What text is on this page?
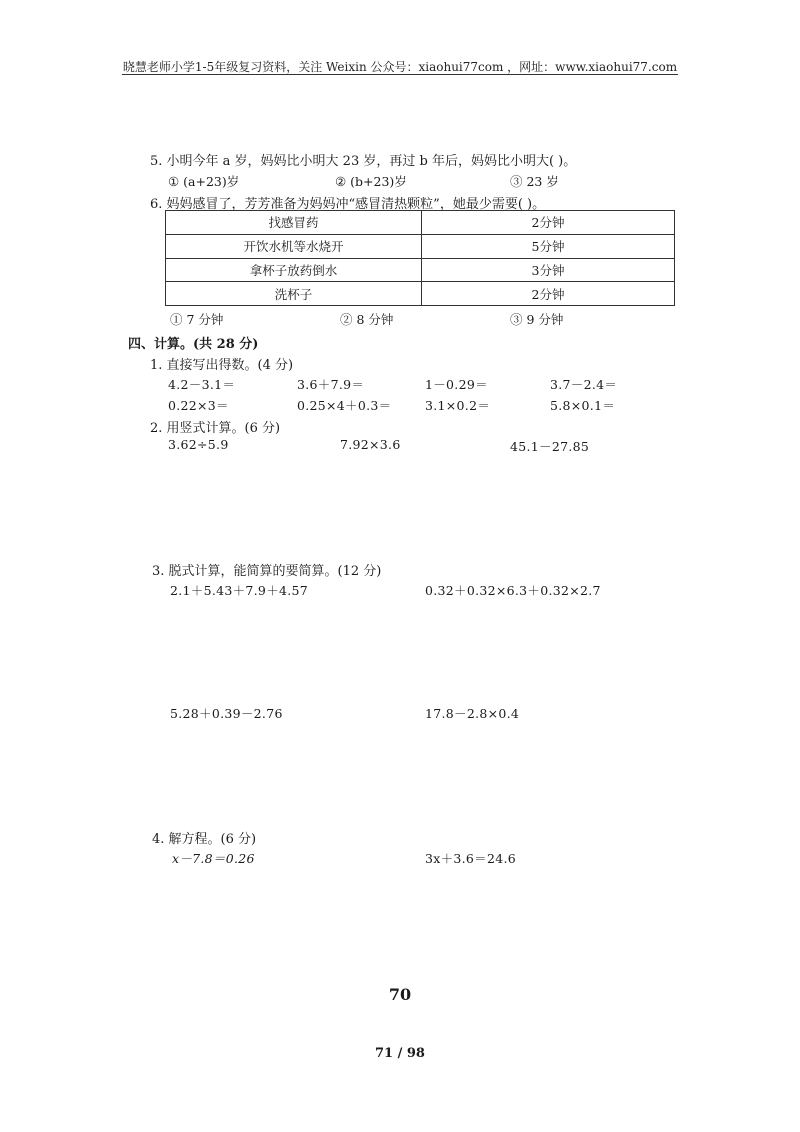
晓慧老师小学1-5年级复习资料，关注 Weixin 公众号：xiaohui77com ，网址：www.xiaohui77.com
5. 小明今年 a 岁，妈妈比小明大 23 岁，再过 b 年后，妈妈比小明大( )。
① (a+23)岁	② (b+23)岁	③ 23 岁
6. 妈妈感冒了，芳芳准备为妈妈冲“感冒清热颗粒”，她最少需要( )。
找感冒药	2分钟
开饮水机等水烧开	5分钟
拿杯子放药倒水	3分钟
洗杯子	2分钟
① 7 分钟	② 8 分钟	③ 9 分钟
四、计算。(共 28 分)
1. 直接写出得数。(4 分)
4.2－3.1＝	3.6＋7.9＝	1－0.29＝	3.7－2.4＝
0.22×3＝	0.25×4＋0.3＝	3.1×0.2＝	5.8×0.1＝
2. 用竖式计算。(6 分)
3.62÷5.9	7.92×3.6	45.1－27.85
3. 脱式计算，能简算的要简算。(12 分)
2.1＋5.43＋7.9＋4.57	0.32＋0.32×6.3＋0.32×2.7
5.28＋0.39－2.76	17.8－2.8×0.4
4. 解方程。(6 分)
x－7.8＝0.26	3x＋3.6＝24.6
70
71 / 98
